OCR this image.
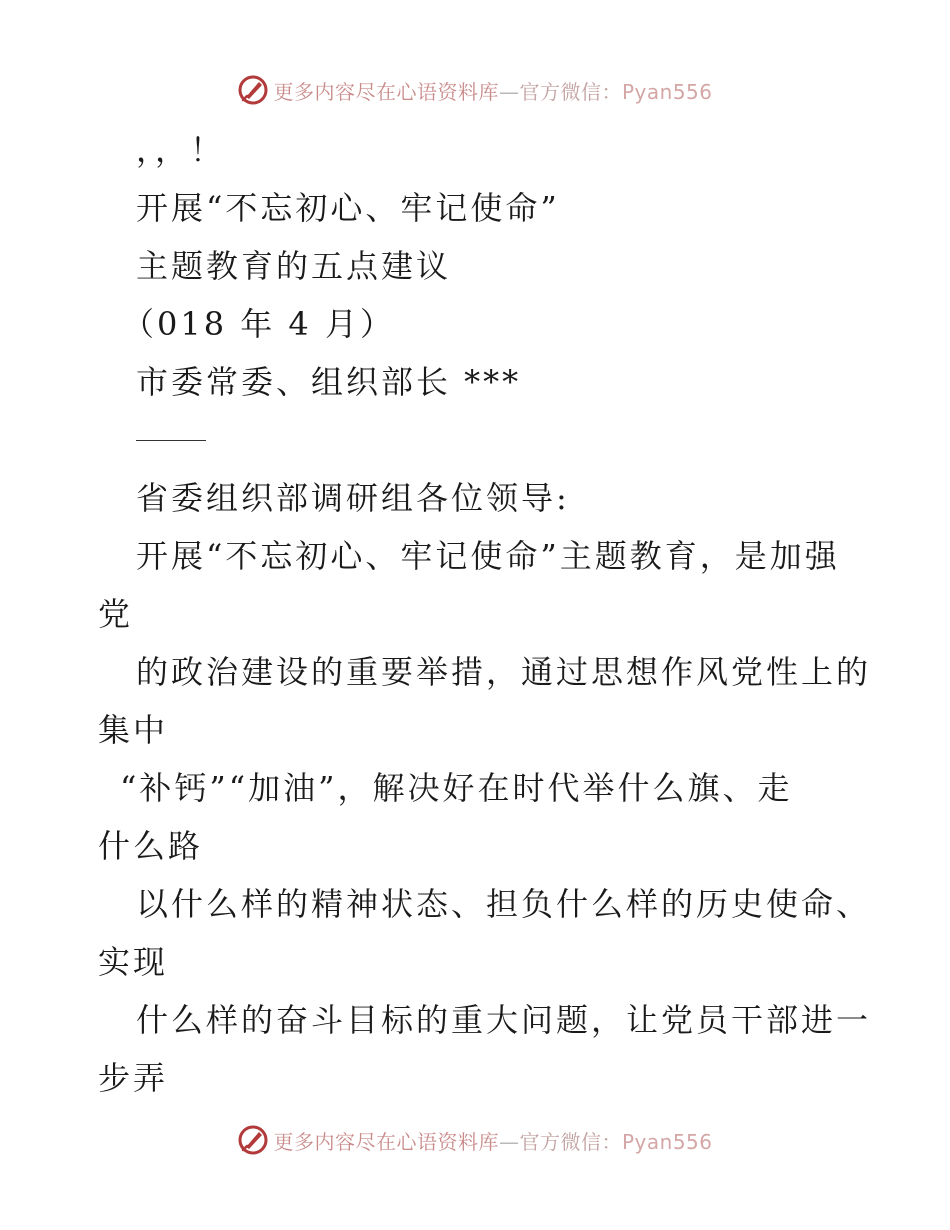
更多内容尽在心语资料库—官方微信：Pyan556
，，！
开展“不忘初心、牢记使命”
主题教育的五点建议
（018 年 4 月）
市委常委、组织部长 ***
省委组织部调研组各位领导:
开展“不忘初心、牢记使命”主题教育，是加强
党
的政治建设的重要举措，通过思想作风党性上的
集中
“补钙”“加油”，解决好在时代举什么旗、走
什么路
以什么样的精神状态、担负什么样的历史使命、
实现
什么样的奋斗目标的重大问题，让党员干部进一
步弄
更多内容尽在心语资料库—官方微信：Pyan556
